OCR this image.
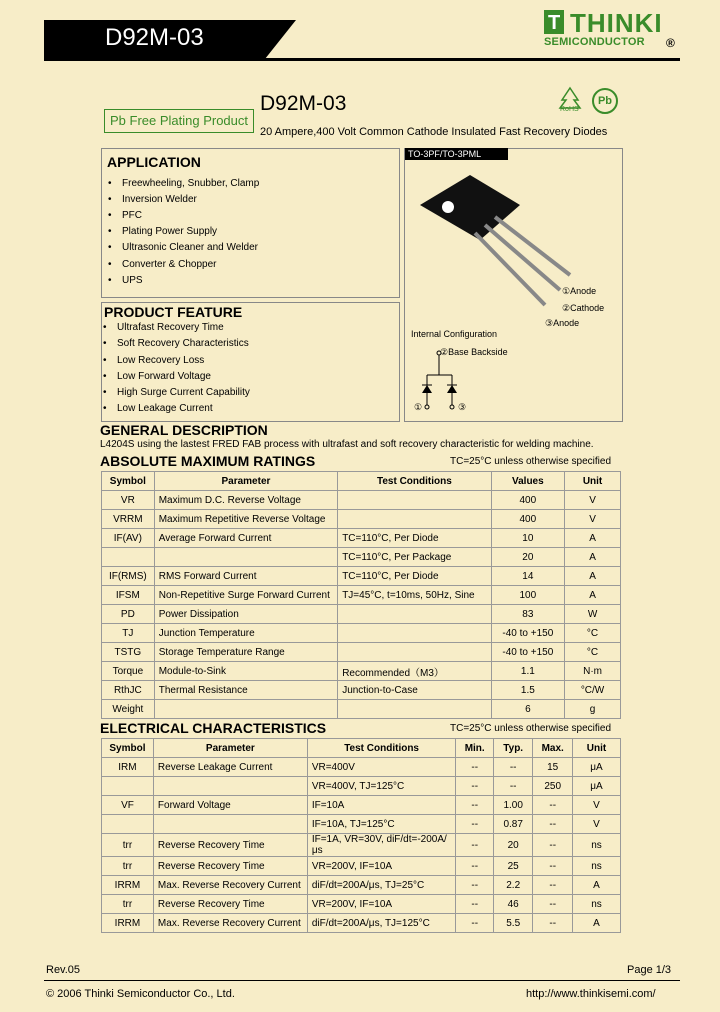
D92M-03
T THINKI
SEMICONDUCTOR ®
Pb Free Plating Product
D92M-03
20 Ampere,400 Volt Common Cathode Insulated Fast Recovery Diodes
RoHS
Pb
APPLICATION
• Freewheeling, Snubber, Clamp
• Inversion Welder
• PFC
• Plating Power Supply
• Ultrasonic Cleaner and Welder
• Converter & Chopper
• UPS
PRODUCT FEATURE
• Ultrafast Recovery Time
• Soft Recovery Characteristics
• Low Recovery Loss
• Low Forward Voltage
• High Surge Current Capability
• Low Leakage Current
TO-3PF/TO-3PML
①Anode
②Cathode
③Anode
Internal Configuration
②Base Backside
①	③
GENERAL DESCRIPTION
L4204S using the lastest FRED FAB process with ultrafast and soft recovery characteristic for welding machine.
ABSOLUTE MAXIMUM RATINGS	TC=25°C unless otherwise specified
Symbol	Parameter	Test Conditions	Values	Unit
VR	Maximum D.C. Reverse Voltage		400	V
VRRM	Maximum Repetitive Reverse Voltage		400	V
IF(AV)	Average Forward Current	TC=110°C, Per Diode	10	A
		TC=110°C, Per Package	20	A
IF(RMS)	RMS Forward Current	TC=110°C, Per Diode	14	A
IFSM	Non-Repetitive Surge Forward Current	TJ=45°C, t=10ms, 50Hz, Sine	100	A
PD	Power Dissipation		83	W
TJ	Junction Temperature		-40 to +150	°C
TSTG	Storage Temperature Range		-40 to +150	°C
Torque	Module-to-Sink	Recommended（M3）	1.1	N·m
RthJC	Thermal Resistance	Junction-to-Case	1.5	°C/W
Weight			6	g
ELECTRICAL CHARACTERISTICS	TC=25°C unless otherwise specified
Symbol	Parameter	Test Conditions	Min.	Typ.	Max.	Unit
IRM	Reverse Leakage Current	VR=400V	--	--	15	μA
		VR=400V, TJ=125°C	--	--	250	μA
VF	Forward Voltage	IF=10A	--	1.00	--	V
		IF=10A, TJ=125°C	--	0.87	--	V
trr	Reverse Recovery Time	IF=1A, VR=30V, diF/dt=-200A/μs	--	20	--	ns
trr	Reverse Recovery Time	VR=200V, IF=10A	--	25	--	ns
IRRM	Max. Reverse Recovery Current	diF/dt=200A/μs, TJ=25°C	--	2.2	--	A
trr	Reverse Recovery Time	VR=200V, IF=10A	--	46	--	ns
IRRM	Max. Reverse Recovery Current	diF/dt=200A/μs, TJ=125°C	--	5.5	--	A
Rev.05	Page 1/3
© 2006 Thinki Semiconductor Co., Ltd.	http://www.thinkisemi.com/
